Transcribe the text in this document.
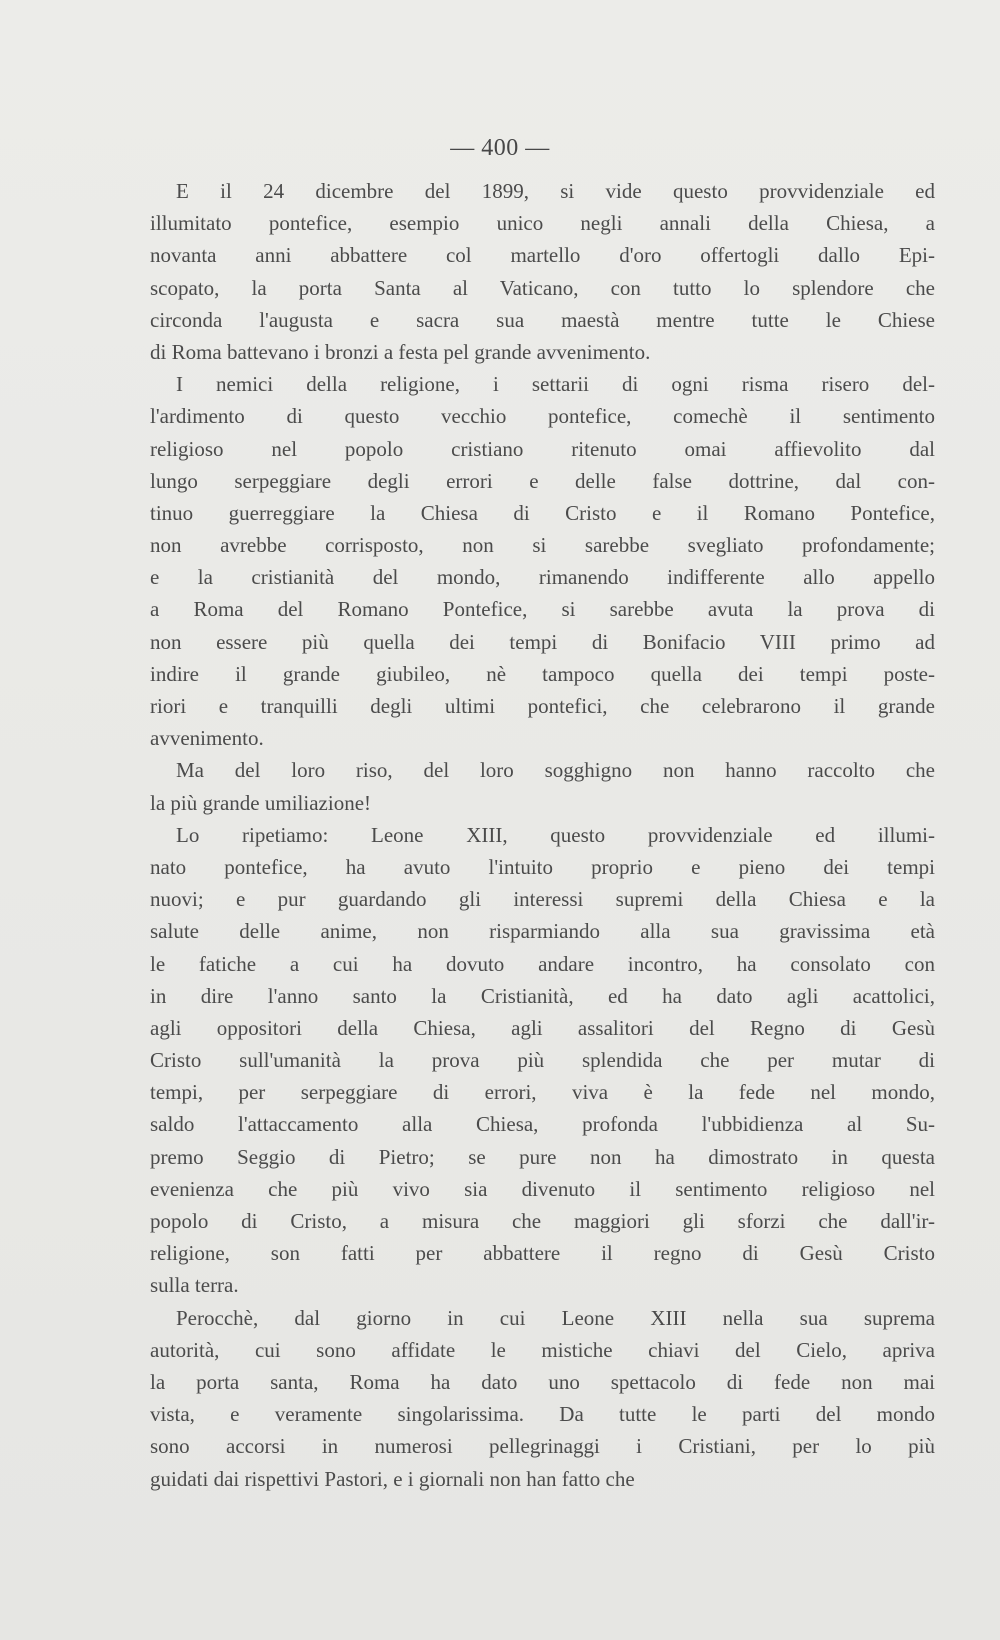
— 400 —
E il 24 dicembre del 1899, si vide questo provvidenziale ed
illumitato pontefice, esempio unico negli annali della Chiesa, a
novanta anni abbattere col martello d'oro offertogli dallo Epi-
scopato, la porta Santa al Vaticano, con tutto lo splendore che
circonda l'augusta e sacra sua maestà mentre tutte le Chiese
di Roma battevano i bronzi a festa pel grande avvenimento.
I nemici della religione, i settarii di ogni risma risero del-
l'ardimento di questo vecchio pontefice, comechè il sentimento
religioso nel popolo cristiano ritenuto omai affievolito dal
lungo serpeggiare degli errori e delle false dottrine, dal con-
tinuo guerreggiare la Chiesa di Cristo e il Romano Pontefice,
non avrebbe corrisposto, non si sarebbe svegliato profondamente;
e la cristianità del mondo, rimanendo indifferente allo appello
a Roma del Romano Pontefice, si sarebbe avuta la prova di
non essere più quella dei tempi di Bonifacio VIII primo ad
indire il grande giubileo, nè tampoco quella dei tempi poste-
riori e tranquilli degli ultimi pontefici, che celebrarono il grande
avvenimento.
Ma del loro riso, del loro sogghigno non hanno raccolto che
la più grande umiliazione!
Lo ripetiamo: Leone XIII, questo provvidenziale ed illumi-
nato pontefice, ha avuto l'intuito proprio e pieno dei tempi
nuovi; e pur guardando gli interessi supremi della Chiesa e la
salute delle anime, non risparmiando alla sua gravissima età
le fatiche a cui ha dovuto andare incontro, ha consolato con
in dire l'anno santo la Cristianità, ed ha dato agli acattolici,
agli oppositori della Chiesa, agli assalitori del Regno di Gesù
Cristo sull'umanità la prova più splendida che per mutar di
tempi, per serpeggiare di errori, viva è la fede nel mondo,
saldo l'attaccamento alla Chiesa, profonda l'ubbidienza al Su-
premo Seggio di Pietro; se pure non ha dimostrato in questa
evenienza che più vivo sia divenuto il sentimento religioso nel
popolo di Cristo, a misura che maggiori gli sforzi che dall'ir-
religione, son fatti per abbattere il regno di Gesù Cristo
sulla terra.
Perocchè, dal giorno in cui Leone XIII nella sua suprema
autorità, cui sono affidate le mistiche chiavi del Cielo, apriva
la porta santa, Roma ha dato uno spettacolo di fede non mai
vista, e veramente singolarissima. Da tutte le parti del mondo
sono accorsi in numerosi pellegrinaggi i Cristiani, per lo più
guidati dai rispettivi Pastori, e i giornali non han fatto che
